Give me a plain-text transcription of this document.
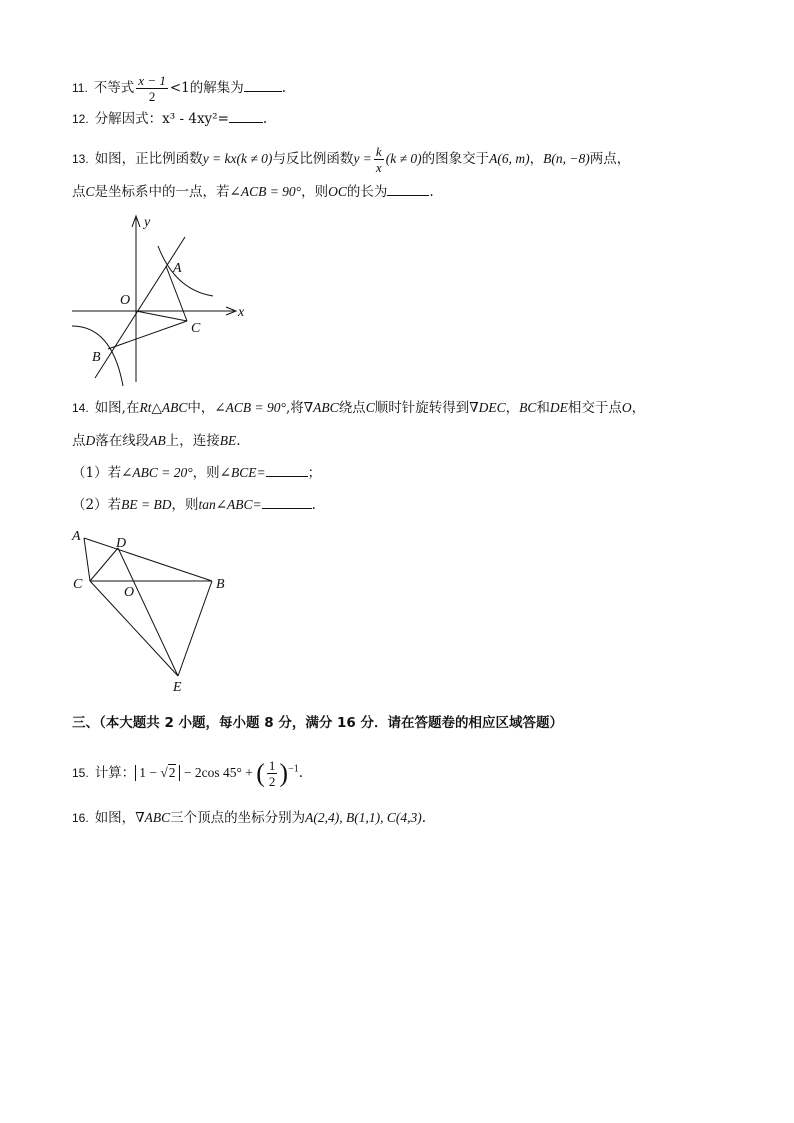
11. 不等式 $\frac{x - 1}{2} <1$的解集为	.
12. 分解因式：x³ - 4xy²=	.
13. 如图，正比例函数y = kx(k ≠ 0)与反比例函数$y = \frac{k}{x} (k \ne 0)$的图象交于A(6, m)，B(n, −8)两点，
点C是坐标系中的一点，若∠ACB = 90°，则OC的长为	.
y
x
O
A
B
C
A	D
C
O
B
E
14. 如图,在Rt△ABC中，∠ACB = 90°,将∇ABC绕点C顺时针旋转得到∇DEC，BC和DE相交于点O，
点D落在线段AB上，连接BE.
（1）若∠ABC = 20°，则∠BCE=	；
（2）若BE = BD，则tan∠ABC=	.
三、（本大题共 2 小题，每小题 8 分，满分 16 分．请在答题卷的相应区域答题）
15. 计算： 1 − √2 − 2cos 45° + ( $\frac{1}{2} )^{-1}$.
16. 如图，∇ABC三个顶点的坐标分别为A(2,4), B(1,1), C(4,3).
